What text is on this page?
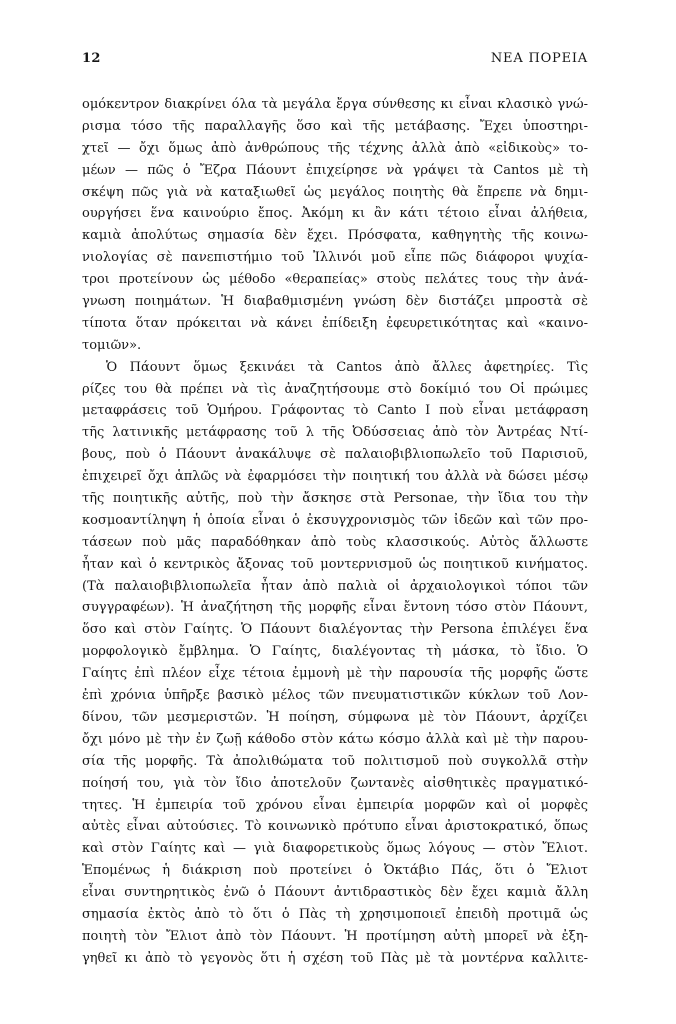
12	ΝΕΑ ΠΟΡΕΙΑ
ομόκεντρον διακρίνει όλα τὰ μεγάλα ἔργα σύνθεσης κι εἶναι κλασικὸ γνώ-
ρισμα τόσο τῆς παραλλαγῆς ὅσο καὶ τῆς μετάβασης. Ἔχει ὑποστηρι-
χτεῖ — ὄχι ὅμως ἀπὸ ἀνθρώπους τῆς τέχνης ἀλλὰ ἀπὸ «εἰδικοὺς» το-
μέων — πῶς ὁ Ἔζρα Πάουντ ἐπιχείρησε νὰ γράψει τὰ Cantos μὲ τὴ
σκέψη πῶς γιὰ νὰ καταξιωθεῖ ὡς μεγάλος ποιητὴς θὰ ἔπρεπε νὰ δημι-
ουργήσει ἕνα καινούριο ἔπος. Ἀκόμη κι ἂν κάτι τέτοιο εἶναι ἀλήθεια,
καμιὰ ἀπολύτως σημασία δὲν ἔχει. Πρόσφατα, καθηγητὴς τῆς κοινω-
νιολογίας σὲ πανεπιστήμιο τοῦ Ἰλλινόι μοῦ εἶπε πῶς διάφοροι ψυχία-
τροι προτείνουν ὡς μέθοδο «θεραπείας» στοὺς πελάτες τους τὴν ἀνά-
γνωση ποιημάτων. Ἡ διαβαθμισμένη γνώση δὲν διστάζει μπροστὰ σὲ
τίποτα ὅταν πρόκειται νὰ κάνει ἐπίδειξη ἐφευρετικότητας καὶ «καινο-
τομιῶν».
Ὁ Πάουντ ὅμως ξεκινάει τὰ Cantos ἀπὸ ἄλλες ἀφετηρίες. Τὶς
ρίζες του θὰ πρέπει νὰ τὶς ἀναζητήσουμε στὸ δοκίμιό του Οἱ πρώιμες
μεταφράσεις τοῦ Ὁμήρου. Γράφοντας τὸ Canto I ποὺ εἶναι μετάφραση
τῆς λατινικῆς μετάφρασης τοῦ λ τῆς Ὀδύσσειας ἀπὸ τὸν Ἀντρέας Ντί-
βους, ποὺ ὁ Πάουντ ἀνακάλυψε σὲ παλαιοβιβλιοπωλεῖο τοῦ Παρισιοῦ,
ἐπιχειρεῖ ὄχι ἁπλῶς νὰ ἐφαρμόσει τὴν ποιητική του ἀλλὰ νὰ δώσει μέσῳ
τῆς ποιητικῆς αὐτῆς, ποὺ τὴν ἄσκησε στὰ Personae, τὴν ἴδια του τὴν
κοσμοαντίληψη ἡ ὁποία εἶναι ὁ ἐκσυγχρονισμὸς τῶν ἰδεῶν καὶ τῶν προ-
τάσεων ποὺ μᾶς παραδόθηκαν ἀπὸ τοὺς κλασσικούς. Αὐτὸς ἄλλωστε
ἦταν καὶ ὁ κεντρικὸς ἄξονας τοῦ μοντερνισμοῦ ὡς ποιητικοῦ κινήματος.
(Τὰ παλαιοβιβλιοπωλεῖα ἦταν ἀπὸ παλιὰ οἱ ἀρχαιολογικοὶ τόποι τῶν
συγγραφέων). Ἡ ἀναζήτηση τῆς μορφῆς εἶναι ἔντονη τόσο στὸν Πάουντ,
ὅσο καὶ στὸν Γαίητς. Ὁ Πάουντ διαλέγοντας τὴν Persona ἐπιλέγει ἕνα
μορφολογικὸ ἔμβλημα. Ὁ Γαίητς, διαλέγοντας τὴ μάσκα, τὸ ἴδιο. Ὁ
Γαίητς ἐπὶ πλέον εἶχε τέτοια ἐμμονὴ μὲ τὴν παρουσία τῆς μορφῆς ὥστε
ἐπὶ χρόνια ὑπῆρξε βασικὸ μέλος τῶν πνευματιστικῶν κύκλων τοῦ Λον-
δίνου, τῶν μεσμεριστῶν. Ἡ ποίηση, σύμφωνα μὲ τὸν Πάουντ, ἀρχίζει
ὄχι μόνο μὲ τὴν ἐν ζωῇ κάθοδο στὸν κάτω κόσμο ἀλλὰ καὶ μὲ τὴν παρου-
σία τῆς μορφῆς. Τὰ ἀπολιθώματα τοῦ πολιτισμοῦ ποὺ συγκολλᾶ στὴν
ποίησή του, γιὰ τὸν ἴδιο ἀποτελοῦν ζωντανὲς αἰσθητικὲς πραγματικό-
τητες. Ἡ ἐμπειρία τοῦ χρόνου εἶναι ἐμπειρία μορφῶν καὶ οἱ μορφὲς
αὐτὲς εἶναι αὐτούσιες. Τὸ κοινωνικὸ πρότυπο εἶναι ἀριστοκρατικό, ὅπως
καὶ στὸν Γαίητς καὶ — γιὰ διαφορετικοὺς ὅμως λόγους — στὸν Ἔλιοτ.
Ἑπομένως ἡ διάκριση ποὺ προτείνει ὁ Ὀκτάβιο Πάς, ὅτι ὁ Ἔλιοτ
εἶναι συντηρητικὸς ἐνῶ ὁ Πάουντ ἀντιδραστικὸς δὲν ἔχει καμιὰ ἄλλη
σημασία ἐκτὸς ἀπὸ τὸ ὅτι ὁ Πὰς τὴ χρησιμοποιεῖ ἐπειδὴ προτιμᾶ ὡς
ποιητὴ τὸν Ἔλιοτ ἀπὸ τὸν Πάουντ. Ἡ προτίμηση αὐτὴ μπορεῖ νὰ ἐξη-
γηθεῖ κι ἀπὸ τὸ γεγονὸς ὅτι ἡ σχέση τοῦ Πὰς μὲ τὰ μοντέρνα καλλιτε-
